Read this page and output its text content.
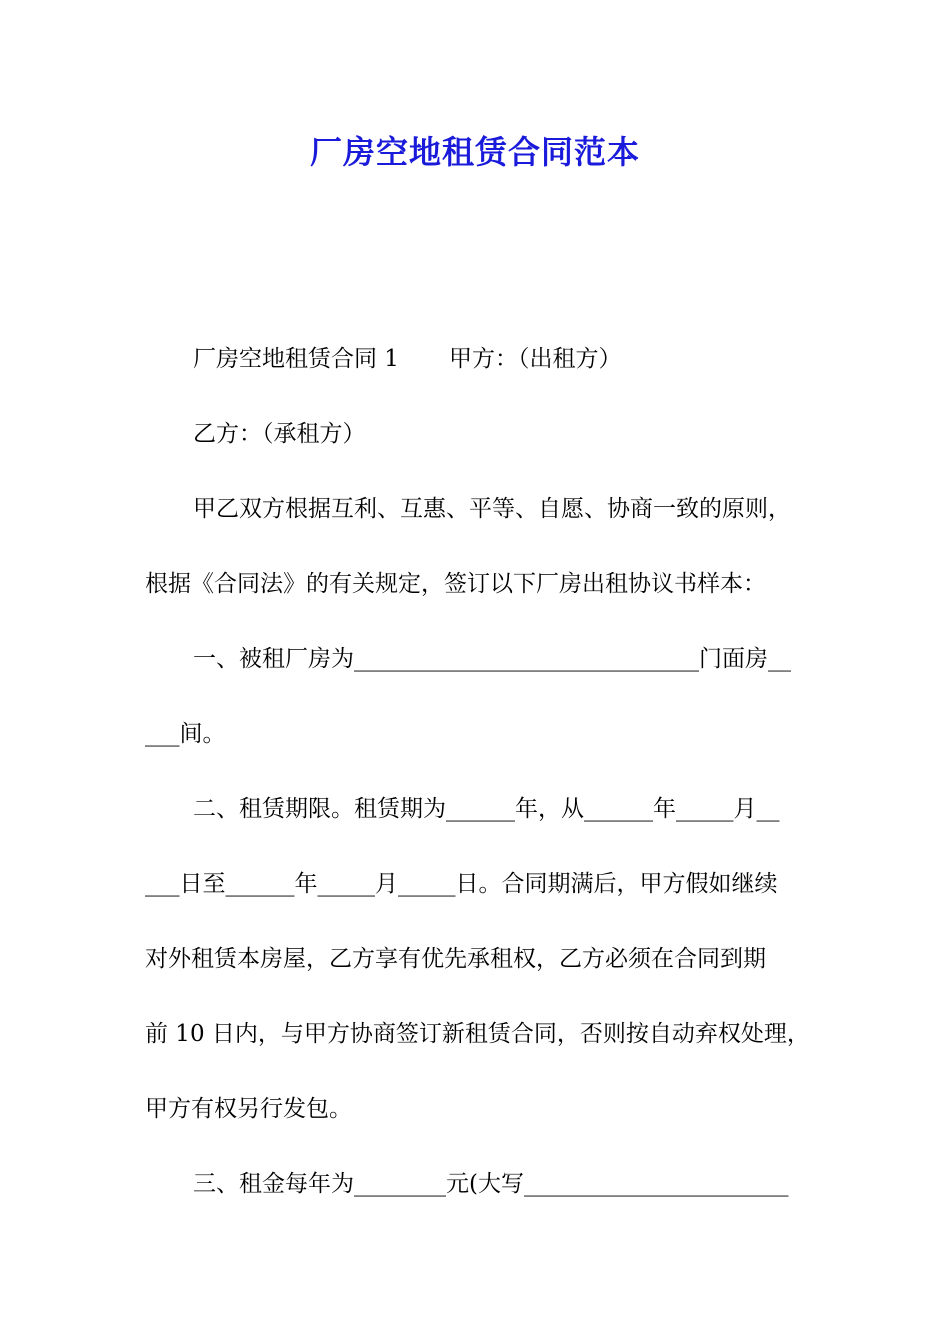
厂房空地租赁合同范本
厂房空地租赁合同 1 甲方：（出租方）
乙方：（承租方）
甲乙双方根据互利、互惠、平等、自愿、协商一致的原则，
根据《合同法》的有关规定，签订以下厂房出租协议书样本：
一、被租厂房为______________________________门面房__
___间。
二、租赁期限。租赁期为______年，从______年_____月__
___日至______年_____月_____日。合同期满后，甲方假如继续
对外租赁本房屋，乙方享有优先承租权，乙方必须在合同到期
前 10 日内，与甲方协商签订新租赁合同，否则按自动弃权处理，
甲方有权另行发包。
三、租金每年为________元(大写_______________________
